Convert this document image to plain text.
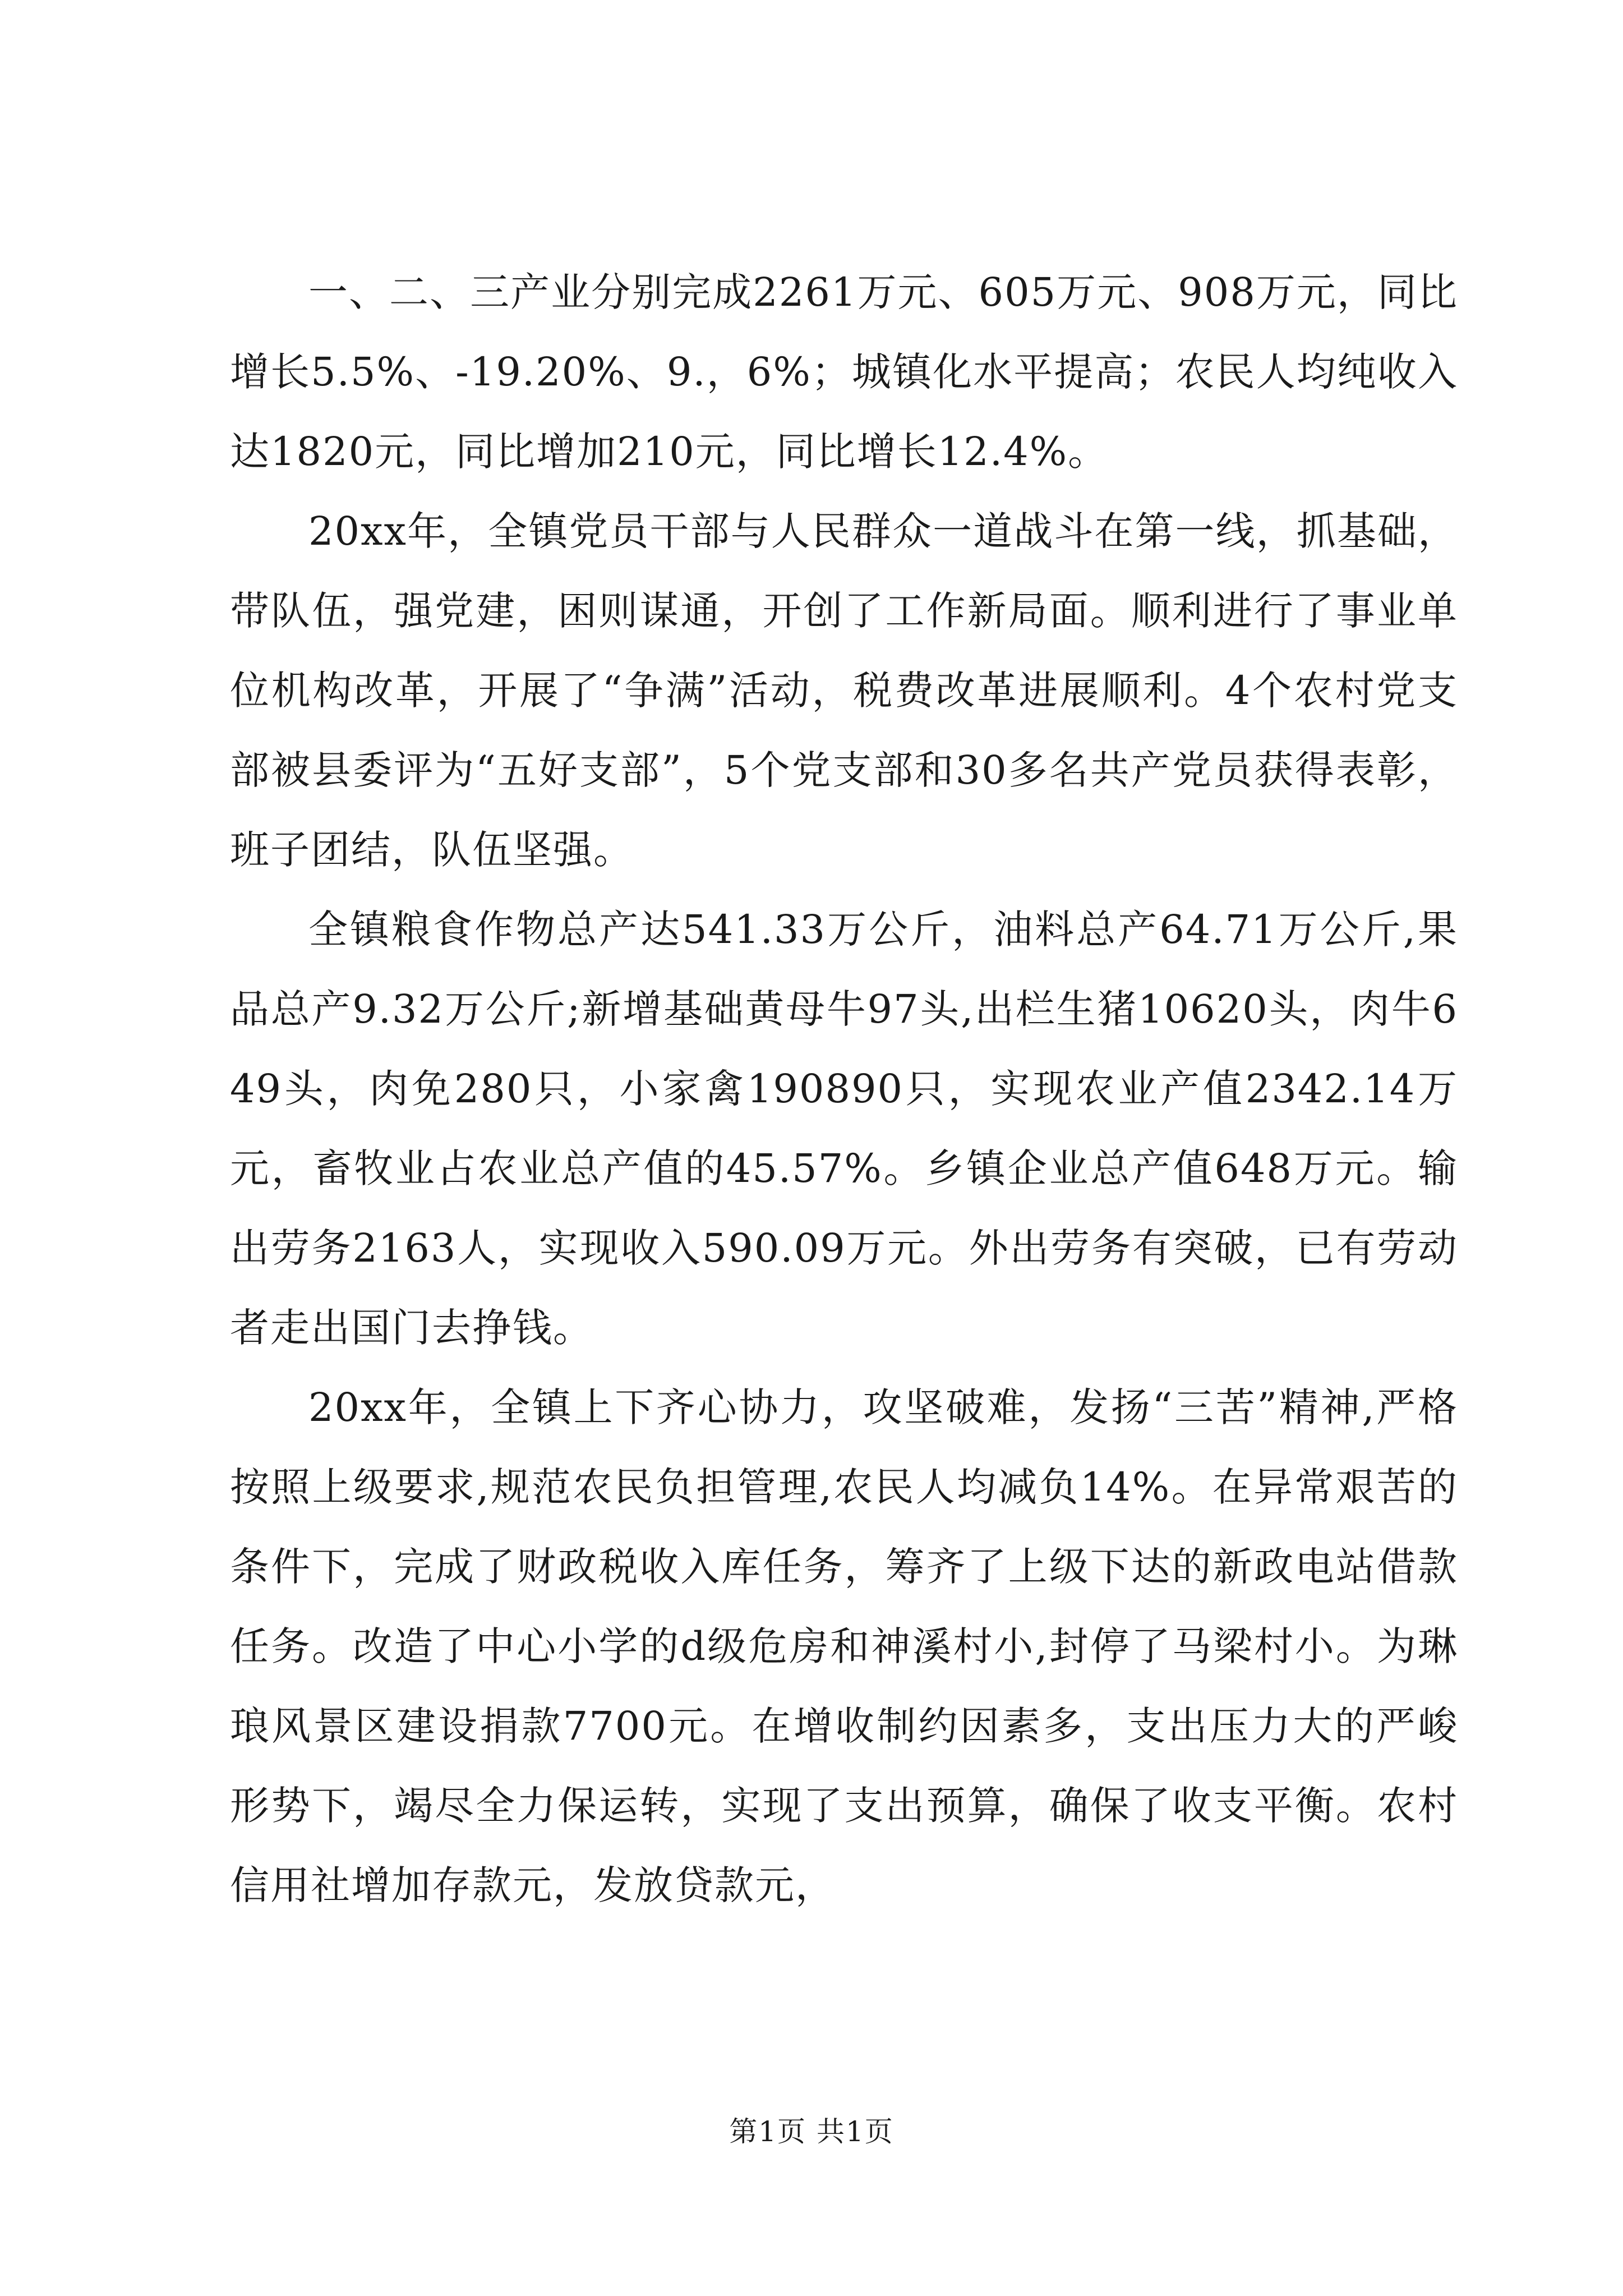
一、二、三产业分别完成2261万元、605万元、908万元，同比增长5.5%、-19.20%、9.，6%；城镇化水平提高；农民人均纯收入达1820元，同比增加210元，同比增长12.4%。

20xx年，全镇党员干部与人民群众一道战斗在第一线，抓基础，带队伍，强党建，困则谋通，开创了工作新局面。顺利进行了事业单位机构改革，开展了“争满”活动，税费改革进展顺利。4个农村党支部被县委评为“五好支部”，5个党支部和30多名共产党员获得表彰，班子团结，队伍坚强。

全镇粮食作物总产达541.33万公斤，油料总产64.71万公斤,果品总产9.32万公斤;新增基础黄母牛97头,出栏生猪10620头，肉牛649头，肉免280只，小家禽190890只，实现农业产值2342.14万元，畜牧业占农业总产值的45.57%。乡镇企业总产值648万元。输出劳务2163人，实现收入590.09万元。外出劳务有突破，已有劳动者走出国门去挣钱。

20xx年，全镇上下齐心协力，攻坚破难，发扬“三苦”精神,严格按照上级要求,规范农民负担管理,农民人均减负14%。在异常艰苦的条件下，完成了财政税收入库任务，筹齐了上级下达的新政电站借款任务。改造了中心小学的d级危房和神溪村小,封停了马梁村小。为琳琅风景区建设捐款7700元。在增收制约因素多，支出压力大的严峻形势下，竭尽全力保运转，实现了支出预算，确保了收支平衡。农村信用社增加存款元，发放贷款元，

第1页 共1页
